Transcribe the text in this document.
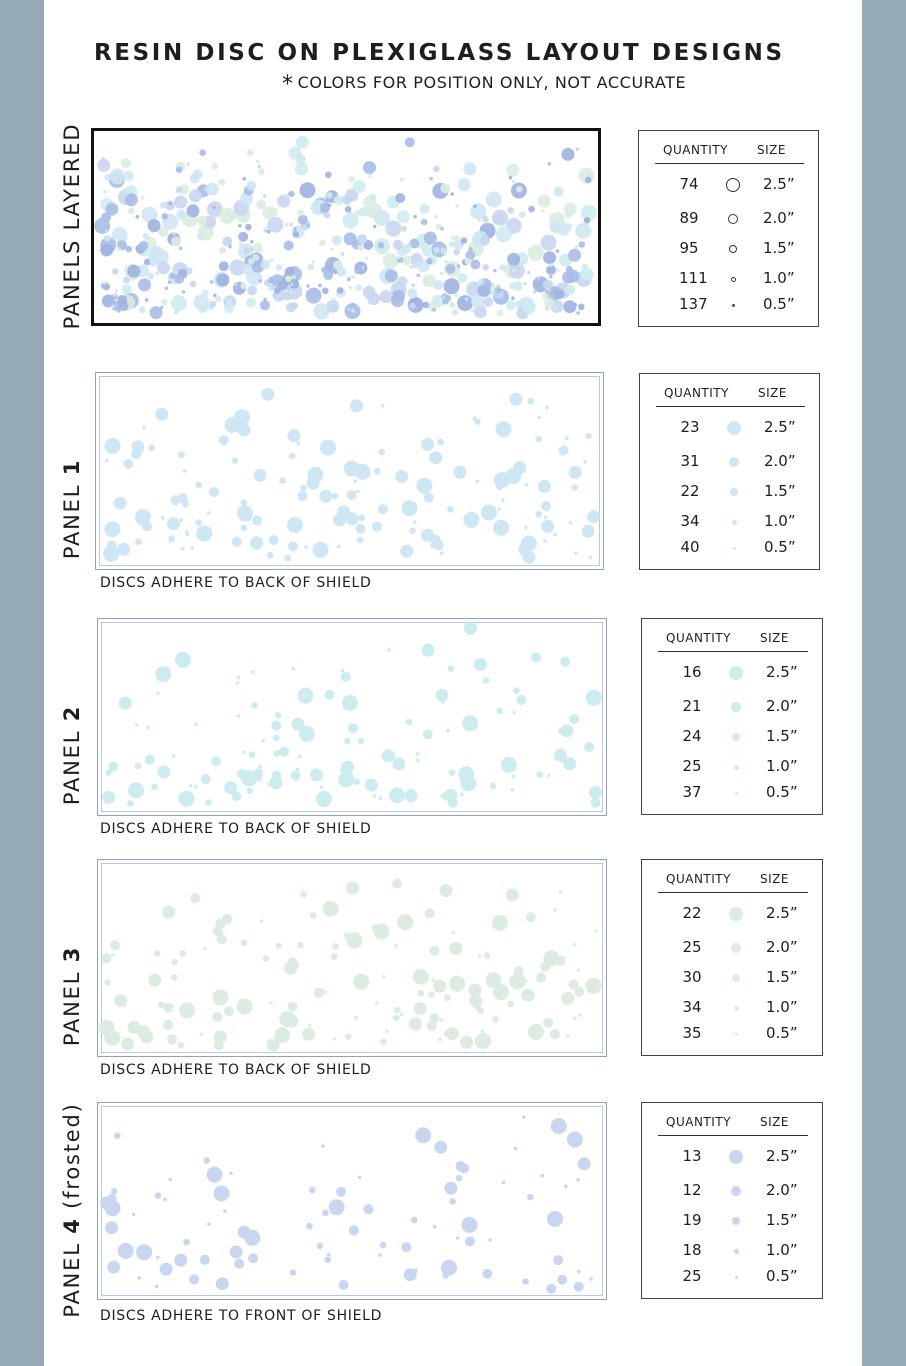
RESIN DISC ON PLEXIGLASS LAYOUT DESIGNS
* COLORS FOR POSITION ONLY, NOT ACCURATE
PANELS LAYERED	QUANTITY SIZE
74	2.5”
89	2.0”
95	1.5”
111	1.0”
137	0.5”
PANEL 1
DISCS ADHERE TO BACK OF SHIELD
QUANTITY SIZE
23	2.5”
31	2.0”
22	1.5”
34	1.0”
40	0.5”
PANEL 2
DISCS ADHERE TO BACK OF SHIELD
QUANTITY SIZE
16	2.5”
21	2.0”
24	1.5”
25	1.0”
37	0.5”
PANEL 3
DISCS ADHERE TO BACK OF SHIELD
QUANTITY SIZE
22	2.5”
25	2.0”
30	1.5”
34	1.0”
35	0.5”
PANEL 4 (frosted)
DISCS ADHERE TO FRONT OF SHIELD
QUANTITY SIZE
13	2.5”
12	2.0”
19	1.5”
18	1.0”
25	0.5”
